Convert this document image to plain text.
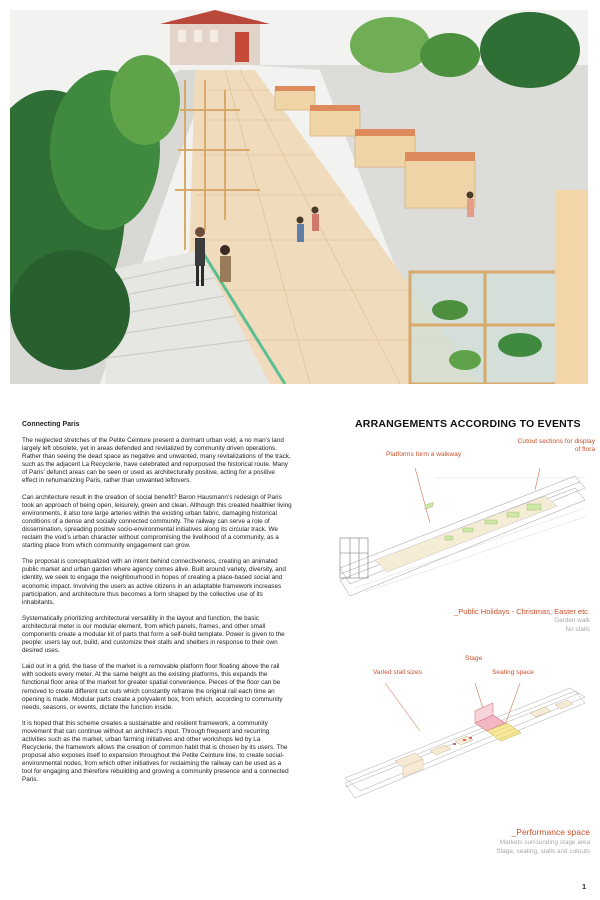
Connecting Paris

The neglected stretches of the Petite Ceinture present a dormant urban void, a no man’s land largely left obsolete, yet in areas defended and revitalized by community driven operations. Rather than seeing the dead space as negative and unwanted, many revitalizations of the track, such as the adjacent La Recyclerie, have celebrated and repurposed the historical route. Many of Paris’ defunct areas can be seen or used as architecturally positive, acting for a positive effect in rehumanizing Paris, rather than unwanted leftovers.

Can architecture result in the creation of social benefit? Baron Hausmann’s redesign of Paris took an approach of being open, leisurely, green and clean. Although this created healthier living environments, it also tore large arteries within the existing urban fabric, damaging historical conditions of a dense and socially connected community. The railway can serve a role of dissemination, spreading positive socio-environmental initiatives along its circular track. We reclaim the void’s urban character without compromising the livelihood of a community, as a starting place from which community engagement can grow.

The proposal is conceptualized with an intent behind connectiveness, creating an animated public market and urban garden where agency comes alive. Built around variety, diversity, and identity, we seek to engage the neighbourhood in hopes of creating a place-based social and economic impact. Involving the users as active citizens in an adaptable framework increases participation, and architecture thus becomes a form shaped by the collective use of its inhabitants.

Systematically prioritizing architectural versatility in the layout and function, the basic architectural meter is our modular element, from which panels, frames, and other small components create a modular kit of parts that form a self-build template. Power is given to the people: users lay out, build, and customize their stalls and shelters in response to their own desired uses.

Laid out in a grid, the base of the market is a removable platform floor floating above the rail with sockets every meter. At the same height as the existing platforms, this expands the functional floor area of the market for greater spatial convenience. Pieces of the floor can be removed to create different cut outs which constantly reframe the original rail each time an opening is made. Modular parts create a polyvalent box, from which, according to community needs, seasons, or events, dictate the function inside.

It is hoped that this scheme creates a sustainable and resilient framework, a community movement that can continue without an architect’s input. Through frequent and recurring activities such as the market, urban farming initiatives and other workshops led by La Recyclerie, the framework allows the creation of common habit that is chosen by its users. The proposal also exposes itself to expansion throughout the Petite Ceinture line, to create social-environmental nodes, from which other initiatives for reclaiming the railway can be used as a tool for engaging and therefore rebuilding and growing a community presence and a connected Paris.

ARRANGEMENTS ACCORDING TO EVENTS
Cutout sections for display
of flora
Platforms form a walkway
_Public Holidays - Christmas, Easter etc.
Garden walk
No stalls
Stage
Varied stall sizes	Seating space
_Performance space
Markets surrounding stage area
Stage, seating, stalls and cutouts
1
